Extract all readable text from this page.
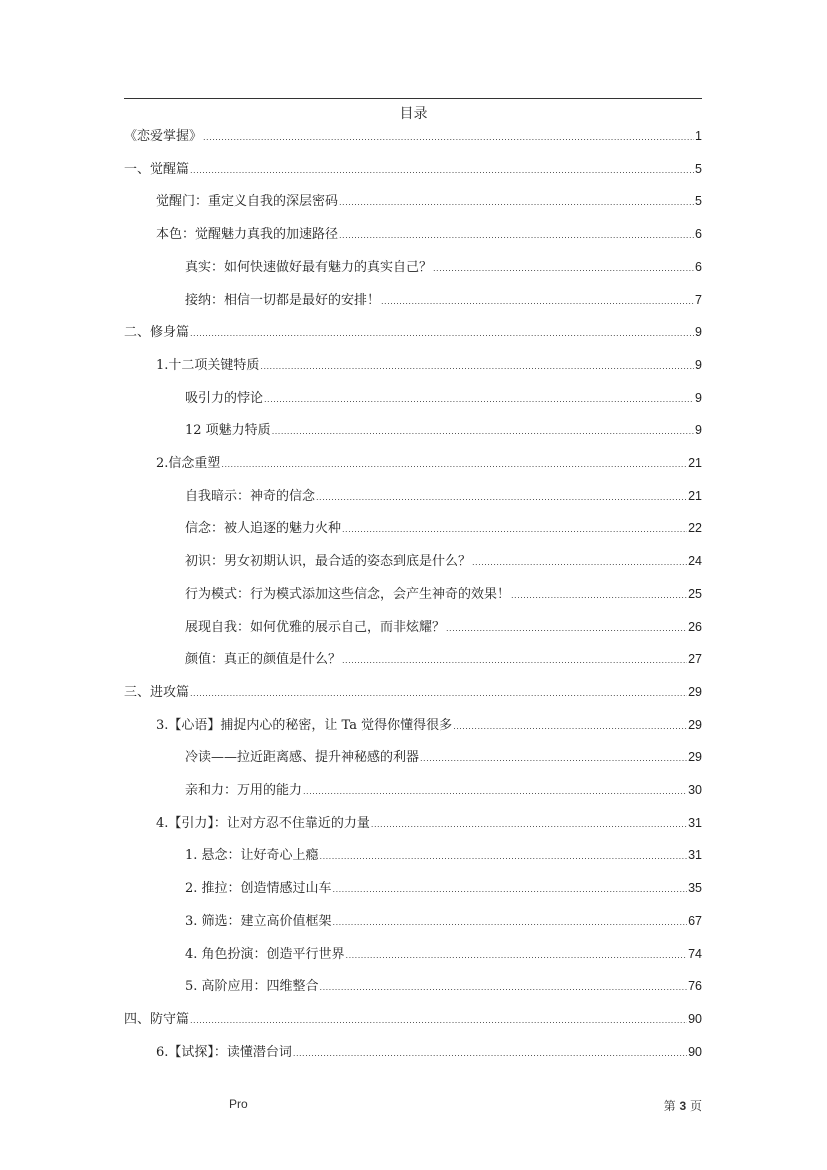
目录
《恋爱掌握》 .....	1
一、觉醒篇 .....	5
觉醒门：重定义自我的深层密码 .....	5
本色：觉醒魅力真我的加速路径 .....	6
真实：如何快速做好最有魅力的真实自己？ .....	6
接纳：相信一切都是最好的安排！ .....	7
二、修身篇 .....	9
1.十二项关键特质 .....	9
吸引力的悖论 .....	9
12 项魅力特质 .....	9
2.信念重塑 .....	21
自我暗示：神奇的信念 .....	21
信念：被人追逐的魅力火种 .....	22
初识：男女初期认识，最合适的姿态到底是什么？ .....	24
行为模式：行为模式添加这些信念，会产生神奇的效果！ .....	25
展现自我：如何优雅的展示自己，而非炫耀？ .....	26
颜值：真正的颜值是什么？ .....	27
三、进攻篇 .....	29
3.【心语】捕捉内心的秘密，让 Ta 觉得你懂得很多 .....	29
冷读——拉近距离感、提升神秘感的利器 .....	29
亲和力：万用的能力 .....	30
4.【引力】：让对方忍不住靠近的力量 .....	31
1. 悬念：让好奇心上瘾 .....	31
2. 推拉：创造情感过山车 .....	35
3. 筛选：建立高价值框架 .....	67
4. 角色扮演：创造平行世界 .....	74
5. 高阶应用：四维整合 .....	76
四、防守篇 .....	90
6.【试探】：读懂潜台词 .....	90
Pro	第 3 页
